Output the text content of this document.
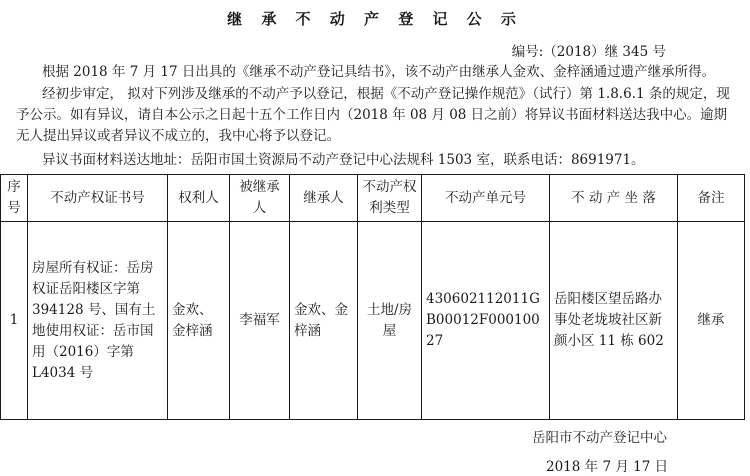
继 承 不 动 产 登 记 公 示
编号:（2018）继 345 号

根据 2018 年 7 月 17 日出具的《继承不动产登记具结书》，该不动产由继承人金欢、金梓涵通过遗产继承所得。

经初步审定， 拟对下列涉及继承的不动产予以登记，根据《不动产登记操作规范》（试行）第 1.8.6.1 条的规定，现予公示。如有异议，请自本公示之日起十五个工作日内（2018 年 08 月 08 日之前）将异议书面材料送达我中心。逾期无人提出异议或者异议不成立的，我中心将予以登记。

异议书面材料送达地址：岳阳市国土资源局不动产登记中心法规科 1503 室，联系电话：8691971。

序号	不动产权证书号	权利人	被继承人	继承人	不动产权利类型	不动产单元号	不 动 产 坐 落	备注
1	房屋所有权证：岳房权证岳阳楼区字第 394128 号、国有土地使用权证：岳市国用（2016）字第 L4034 号	金欢、金梓涵	李福军	金欢、金梓涵	土地/房屋	430602112011GB00012F00010027	岳阳楼区望岳路办事处老垅坡社区新颜小区 11 栋 602	继承
岳阳市不动产登记中心
2018 年 7 月 17 日
